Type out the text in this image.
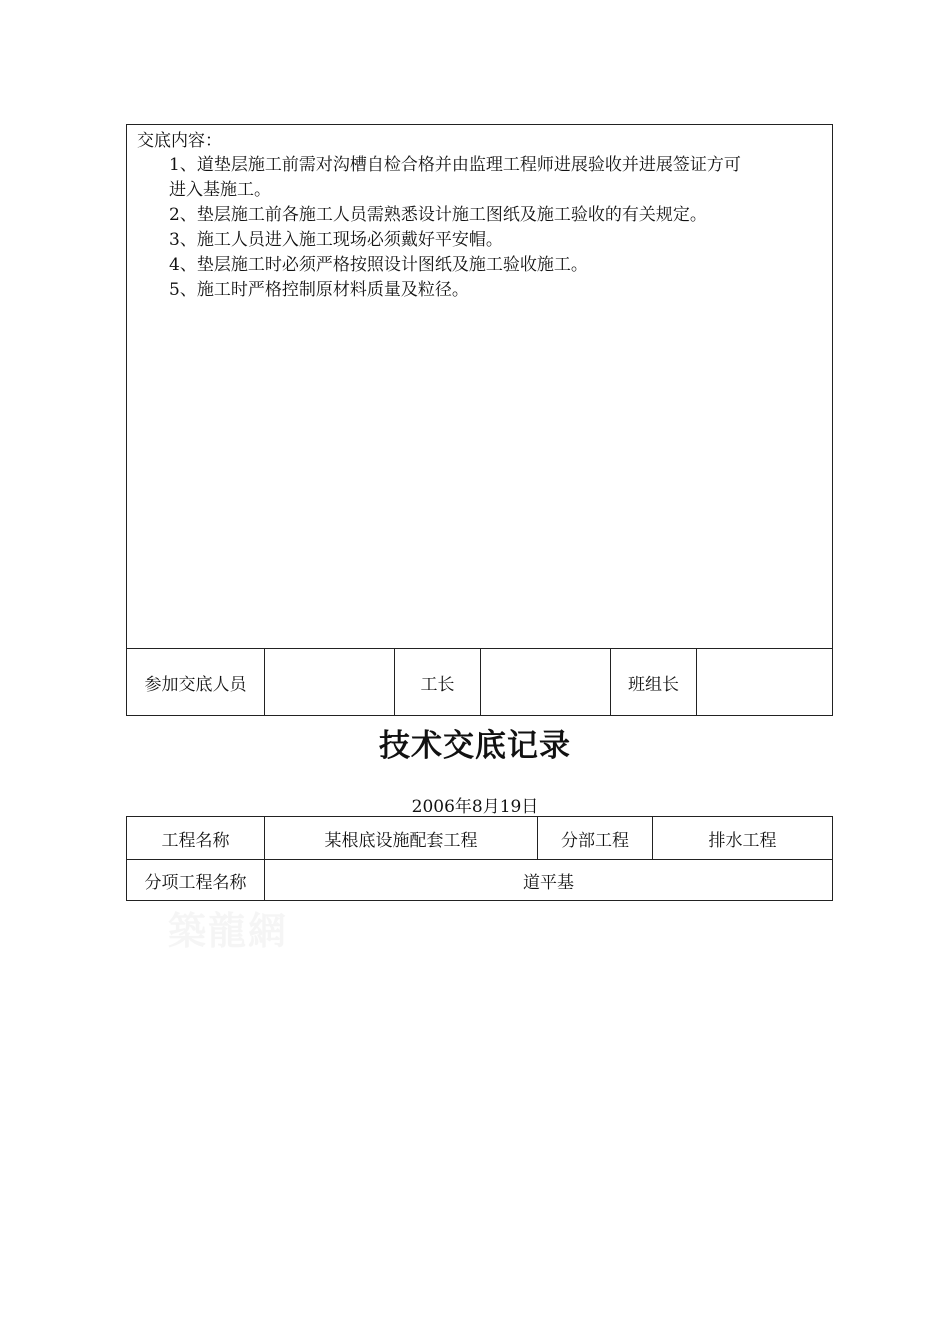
交底内容：
1、道垫层施工前需对沟槽自检合格并由监理工程师进展验收并进展签证方可
进入基施工。
2、垫层施工前各施工人员需熟悉设计施工图纸及施工验收的有关规定。
3、施工人员进入施工现场必须戴好平安帽。
4、垫层施工时必须严格按照设计图纸及施工验收施工。
5、施工时严格控制原材料质量及粒径。
参加交底人员	工长	班组长
技术交底记录
2006年8月19日
工程名称	某根底设施配套工程	分部工程	排水工程
分项工程名称	道平基
築龍網
